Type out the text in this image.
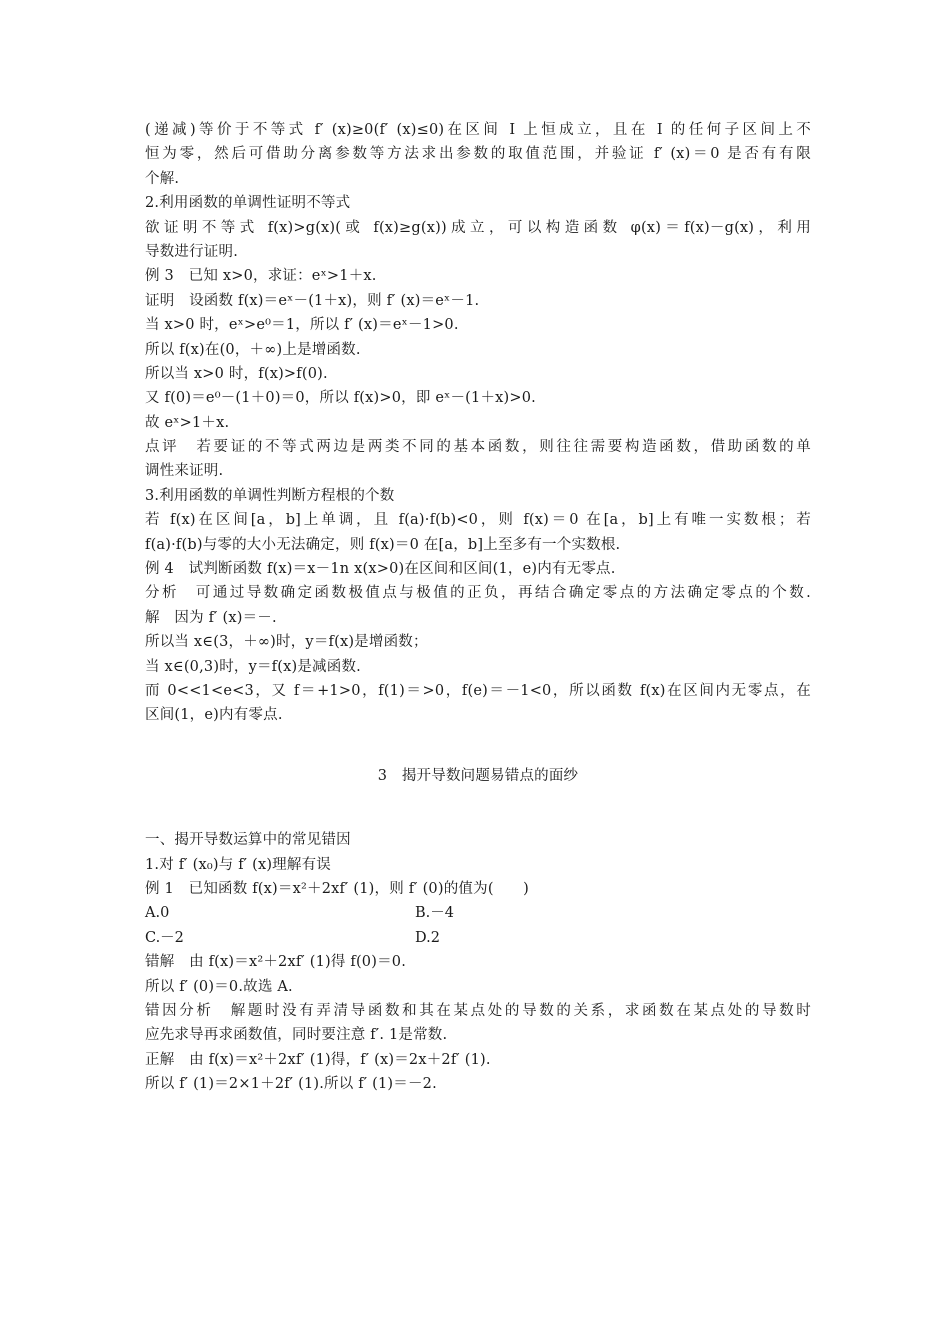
(递减)等价于不等式 f′ (x)≥0(f′ (x)≤0)在区间 I 上恒成立，且在 I 的任何子区间上不
恒为零，然后可借助分离参数等方法求出参数的取值范围，并验证 f′ (x)＝0 是否有有限
个解.
2.利用函数的单调性证明不等式
欲证明不等式 f(x)>g(x)(或 f(x)≥g(x))成立，可以构造函数 φ(x)＝f(x)－g(x)，利用
导数进行证明.
例 3　已知 x>0，求证：eˣ>1＋x.
证明　设函数 f(x)＝eˣ－(1＋x)，则 f′ (x)＝eˣ－1.
当 x>0 时，eˣ>e⁰＝1，所以 f′ (x)＝eˣ－1>0.
所以 f(x)在(0，＋∞)上是增函数.
所以当 x>0 时，f(x)>f(0).
又 f(0)＝e⁰－(1＋0)＝0，所以 f(x)>0，即 eˣ－(1＋x)>0.
故 eˣ>1＋x.
点评　若要证的不等式两边是两类不同的基本函数，则往往需要构造函数，借助函数的单
调性来证明.
3.利用函数的单调性判断方程根的个数
若 f(x)在区间[a，b]上单调，且 f(a)·f(b)<0，则 f(x)＝0 在[a，b]上有唯一实数根；若
f(a)·f(b)与零的大小无法确定，则 f(x)＝0 在[a，b]上至多有一个实数根.
例 4　试判断函数 f(x)＝x－1n x(x>0)在区间和区间(1，e)内有无零点.
分析　可通过导数确定函数极值点与极值的正负，再结合确定零点的方法确定零点的个数.
解　因为 f′ (x)＝－.
所以当 x∈(3，＋∞)时，y＝f(x)是增函数；
当 x∈(0,3)时，y＝f(x)是减函数.
而 0<<1<e<3，又 f＝+1>0，f(1)＝>0，f(e)＝－1<0，所以函数 f(x)在区间内无零点，在
区间(1，e)内有零点.
3　揭开导数问题易错点的面纱
一、揭开导数运算中的常见错因
1.对 f′ (x₀)与 f′ (x)理解有误
例 1　已知函数 f(x)＝x²＋2xf′ (1)，则 f′ (0)的值为(　　)
A.0	B.－4
C.－2	D.2
错解　由 f(x)＝x²＋2xf′ (1)得 f(0)＝0.
所以 f′ (0)＝0.故选 A.
错因分析　解题时没有弄清导函数和其在某点处的导数的关系，求函数在某点处的导数时
应先求导再求函数值，同时要注意 f′. 1是常数.
正解　由 f(x)＝x²＋2xf′ (1)得，f′ (x)＝2x＋2f′ (1).
所以 f′ (1)＝2×1＋2f′ (1).所以 f′ (1)＝－2.
